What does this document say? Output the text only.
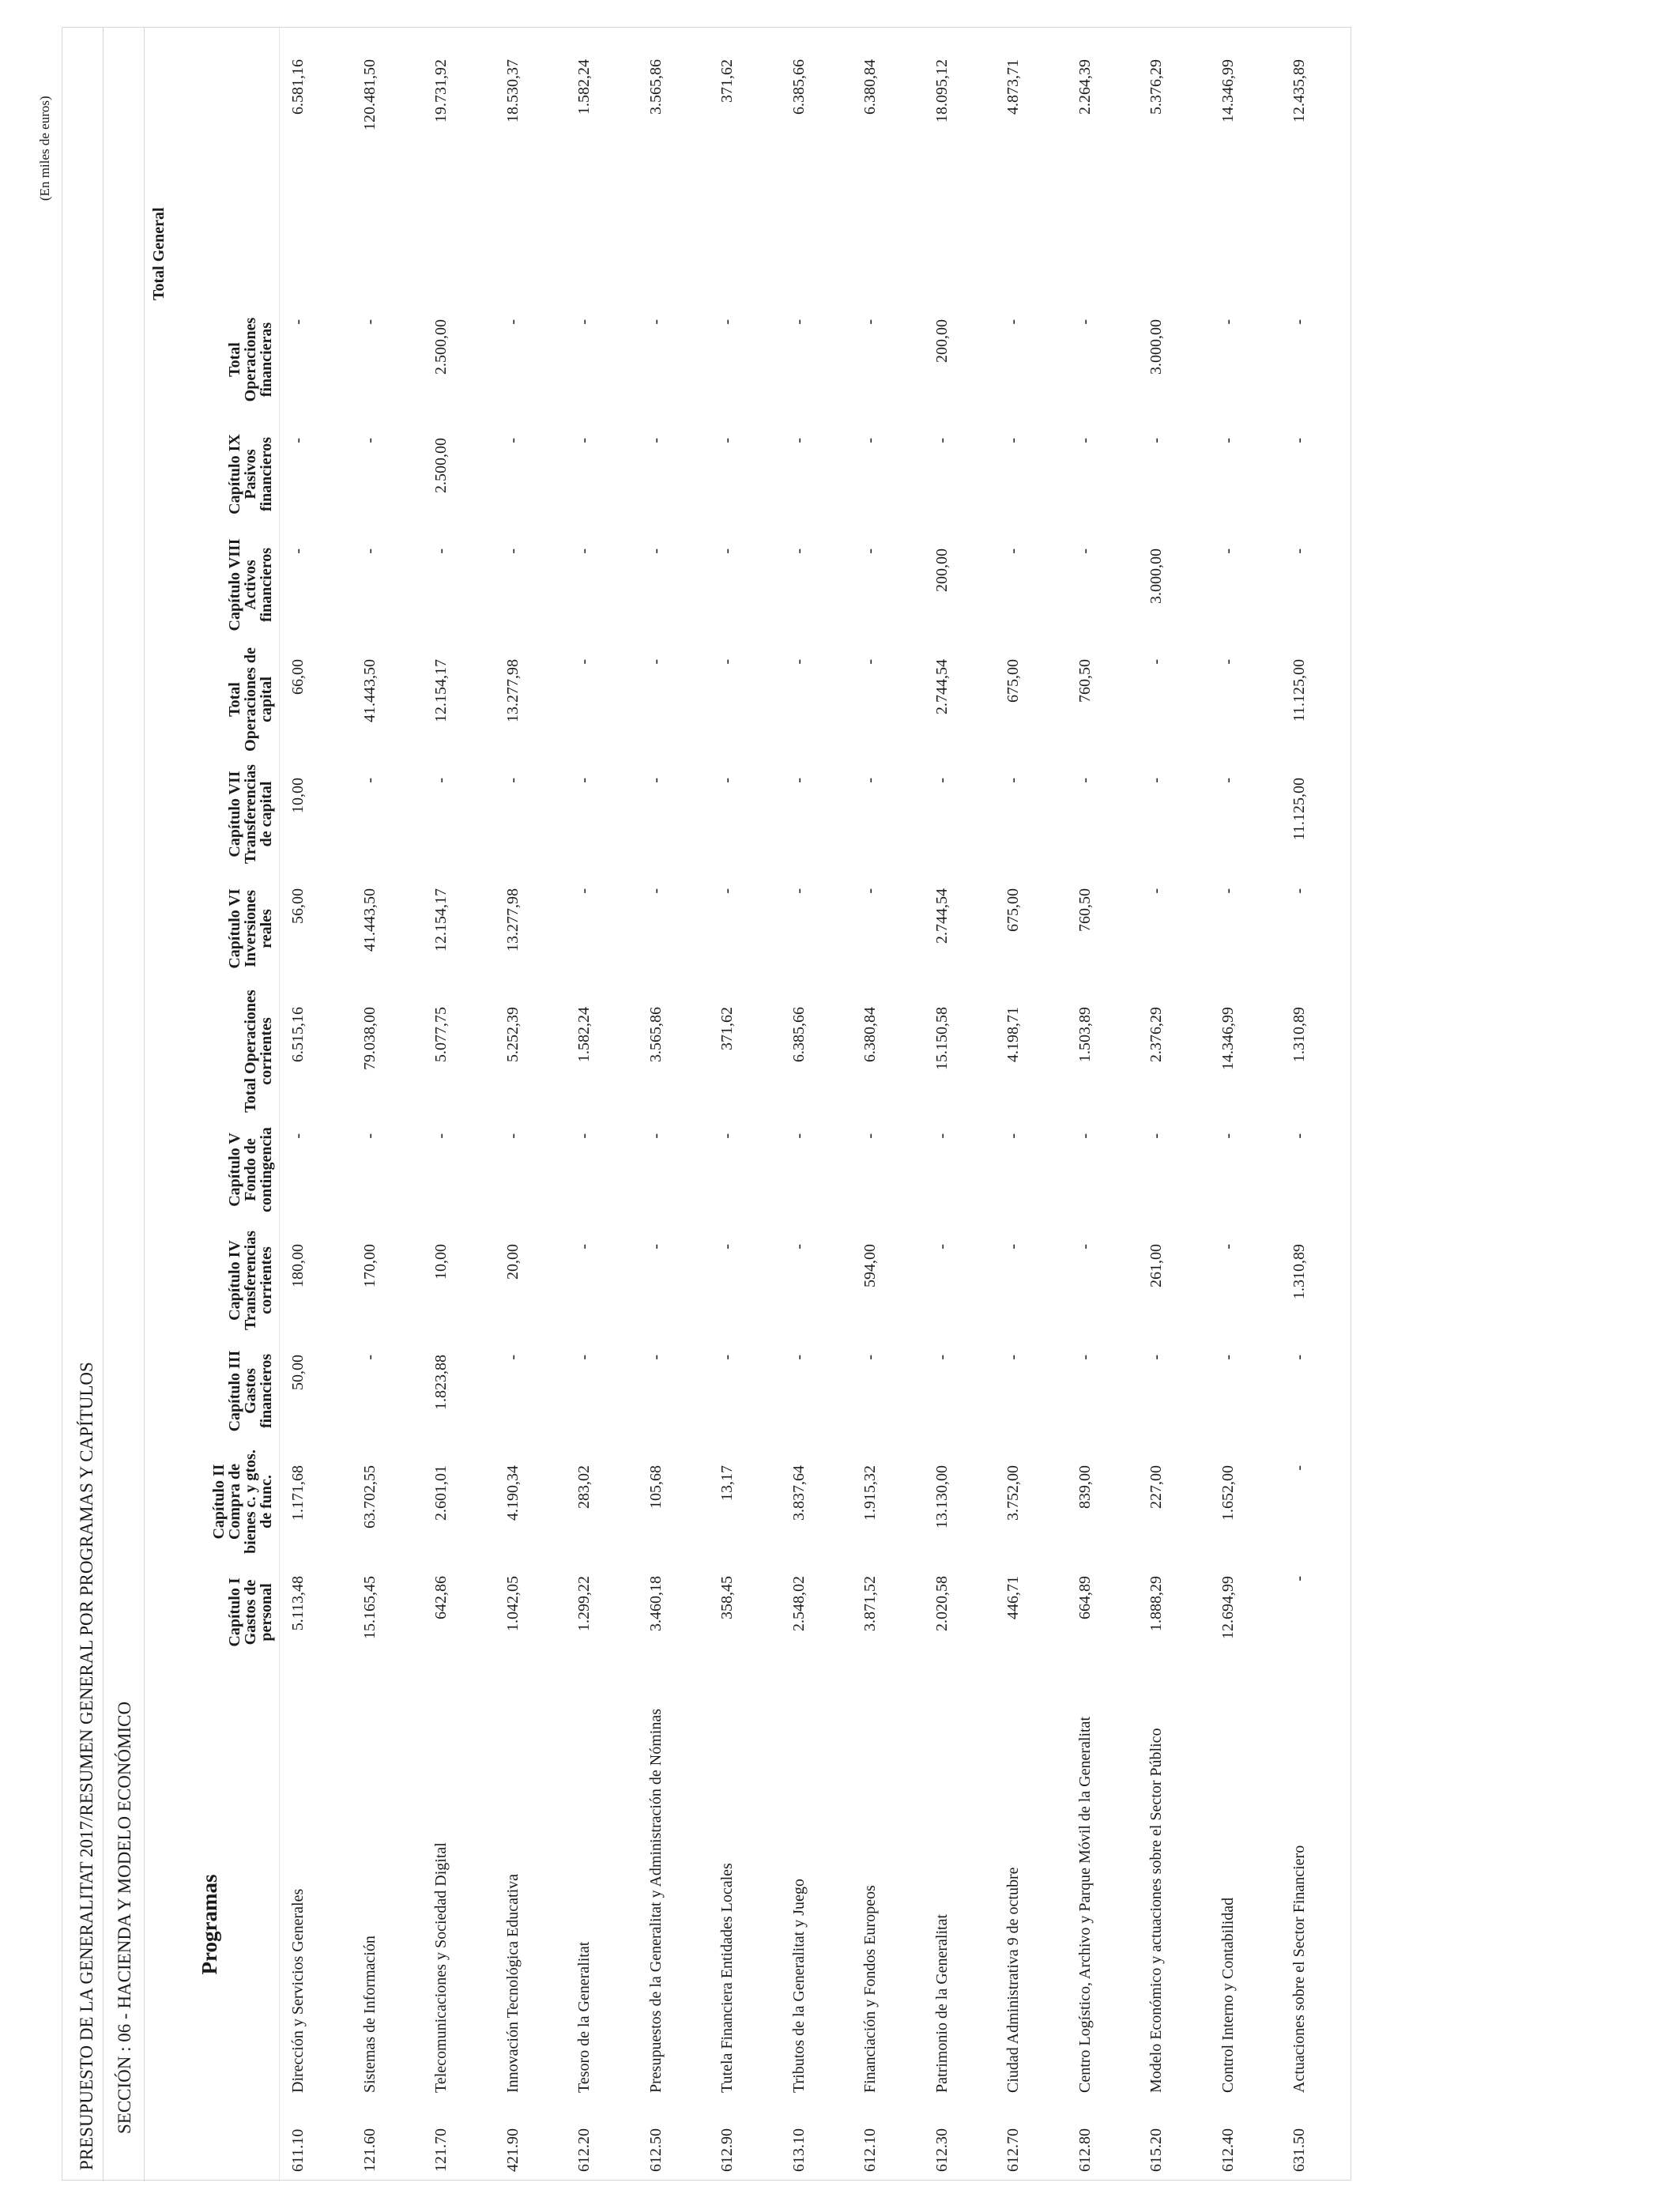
(En miles de euros)
PRESUPUESTO DE LA GENERALITAT 2017/RESUMEN GENERAL POR PROGRAMAS Y CAPÍTULOS SECCIÓN : 06 - HACIENDA Y MODELO ECONÓMICO	Programas
Capítulo I Gastos de personal
Capítulo II Compra de bienes c. y gtos. de func.
Capítulo III Gastos financieros
Capítulo IV Transferencias corrientes
Capítulo V Fondo de contingencia
Total Operaciones corrientes
Capítulo VI Inversiones reales
Capítulo VII Transferencias de capital
Total Operaciones de capital
Capítulo VIII Activos financieros
Capítulo IX Pasivos financieros
Total Operaciones financieras
Total General
611.10
Dirección y Servicios Generales
5.113,48
1.171,68
50,00
180,00
-
6.515,16
56,00
10,00
66,00
-
-
-
6.581,16
121.60
Sistemas de Información
15.165,45
63.702,55
-
170,00
-
79.038,00
41.443,50
-
41.443,50
-
-
-
120.481,50
121.70
Telecomunicaciones y Sociedad Digital
642,86
2.601,01
1.823,88
10,00
-
5.077,75
12.154,17
-
12.154,17
-
2.500,00
2.500,00
19.731,92
421.90
Innovación Tecnológica Educativa
1.042,05
4.190,34
-
20,00
-
5.252,39
13.277,98
-
13.277,98
-
-
-
18.530,37
612.20
Tesoro de la Generalitat
1.299,22
283,02
-
-
-
1.582,24
-
-
-
-
-
-
1.582,24
612.50
Presupuestos de la Generalitat y Administración de Nóminas
3.460,18
105,68
-
-
-
3.565,86
-
-
-
-
-
-
3.565,86
612.90
Tutela Financiera Entidades Locales
358,45
13,17
-
-
-
371,62
-
-
-
-
-
-
371,62
613.10
Tributos de la Generalitat y Juego
2.548,02
3.837,64
-
-
-
6.385,66
-
-
-
-
-
-
6.385,66
612.10
Financiación y Fondos Europeos
3.871,52
1.915,32
-
594,00
-
6.380,84
-
-
-
-
-
-
6.380,84
612.30
Patrimonio de la Generalitat
2.020,58
13.130,00
-
-
-
15.150,58
2.744,54
-
2.744,54
200,00
-
200,00
18.095,12
612.70
Ciudad Administrativa 9 de octubre
446,71
3.752,00
-
-
-
4.198,71
675,00
-
675,00
-
-
-
4.873,71
612.80
Centro Logístico, Archivo y Parque Móvil de la Generalitat
664,89
839,00
-
-
-
1.503,89
760,50
-
760,50
-
-
-
2.264,39
615.20
Modelo Económico y actuaciones sobre el Sector Público
1.888,29
227,00
-
261,00
-
2.376,29
-
-
-
3.000,00
-
3.000,00
5.376,29
612.40
Control Interno y Contabilidad
12.694,99
1.652,00
-
-
-
14.346,99
-
-
-
-
-
-
14.346,99
631.50
Actuaciones sobre el Sector Financiero
-
-
-
1.310,89
-
1.310,89
-
11.125,00
11.125,00
-
-
-
12.435,89
